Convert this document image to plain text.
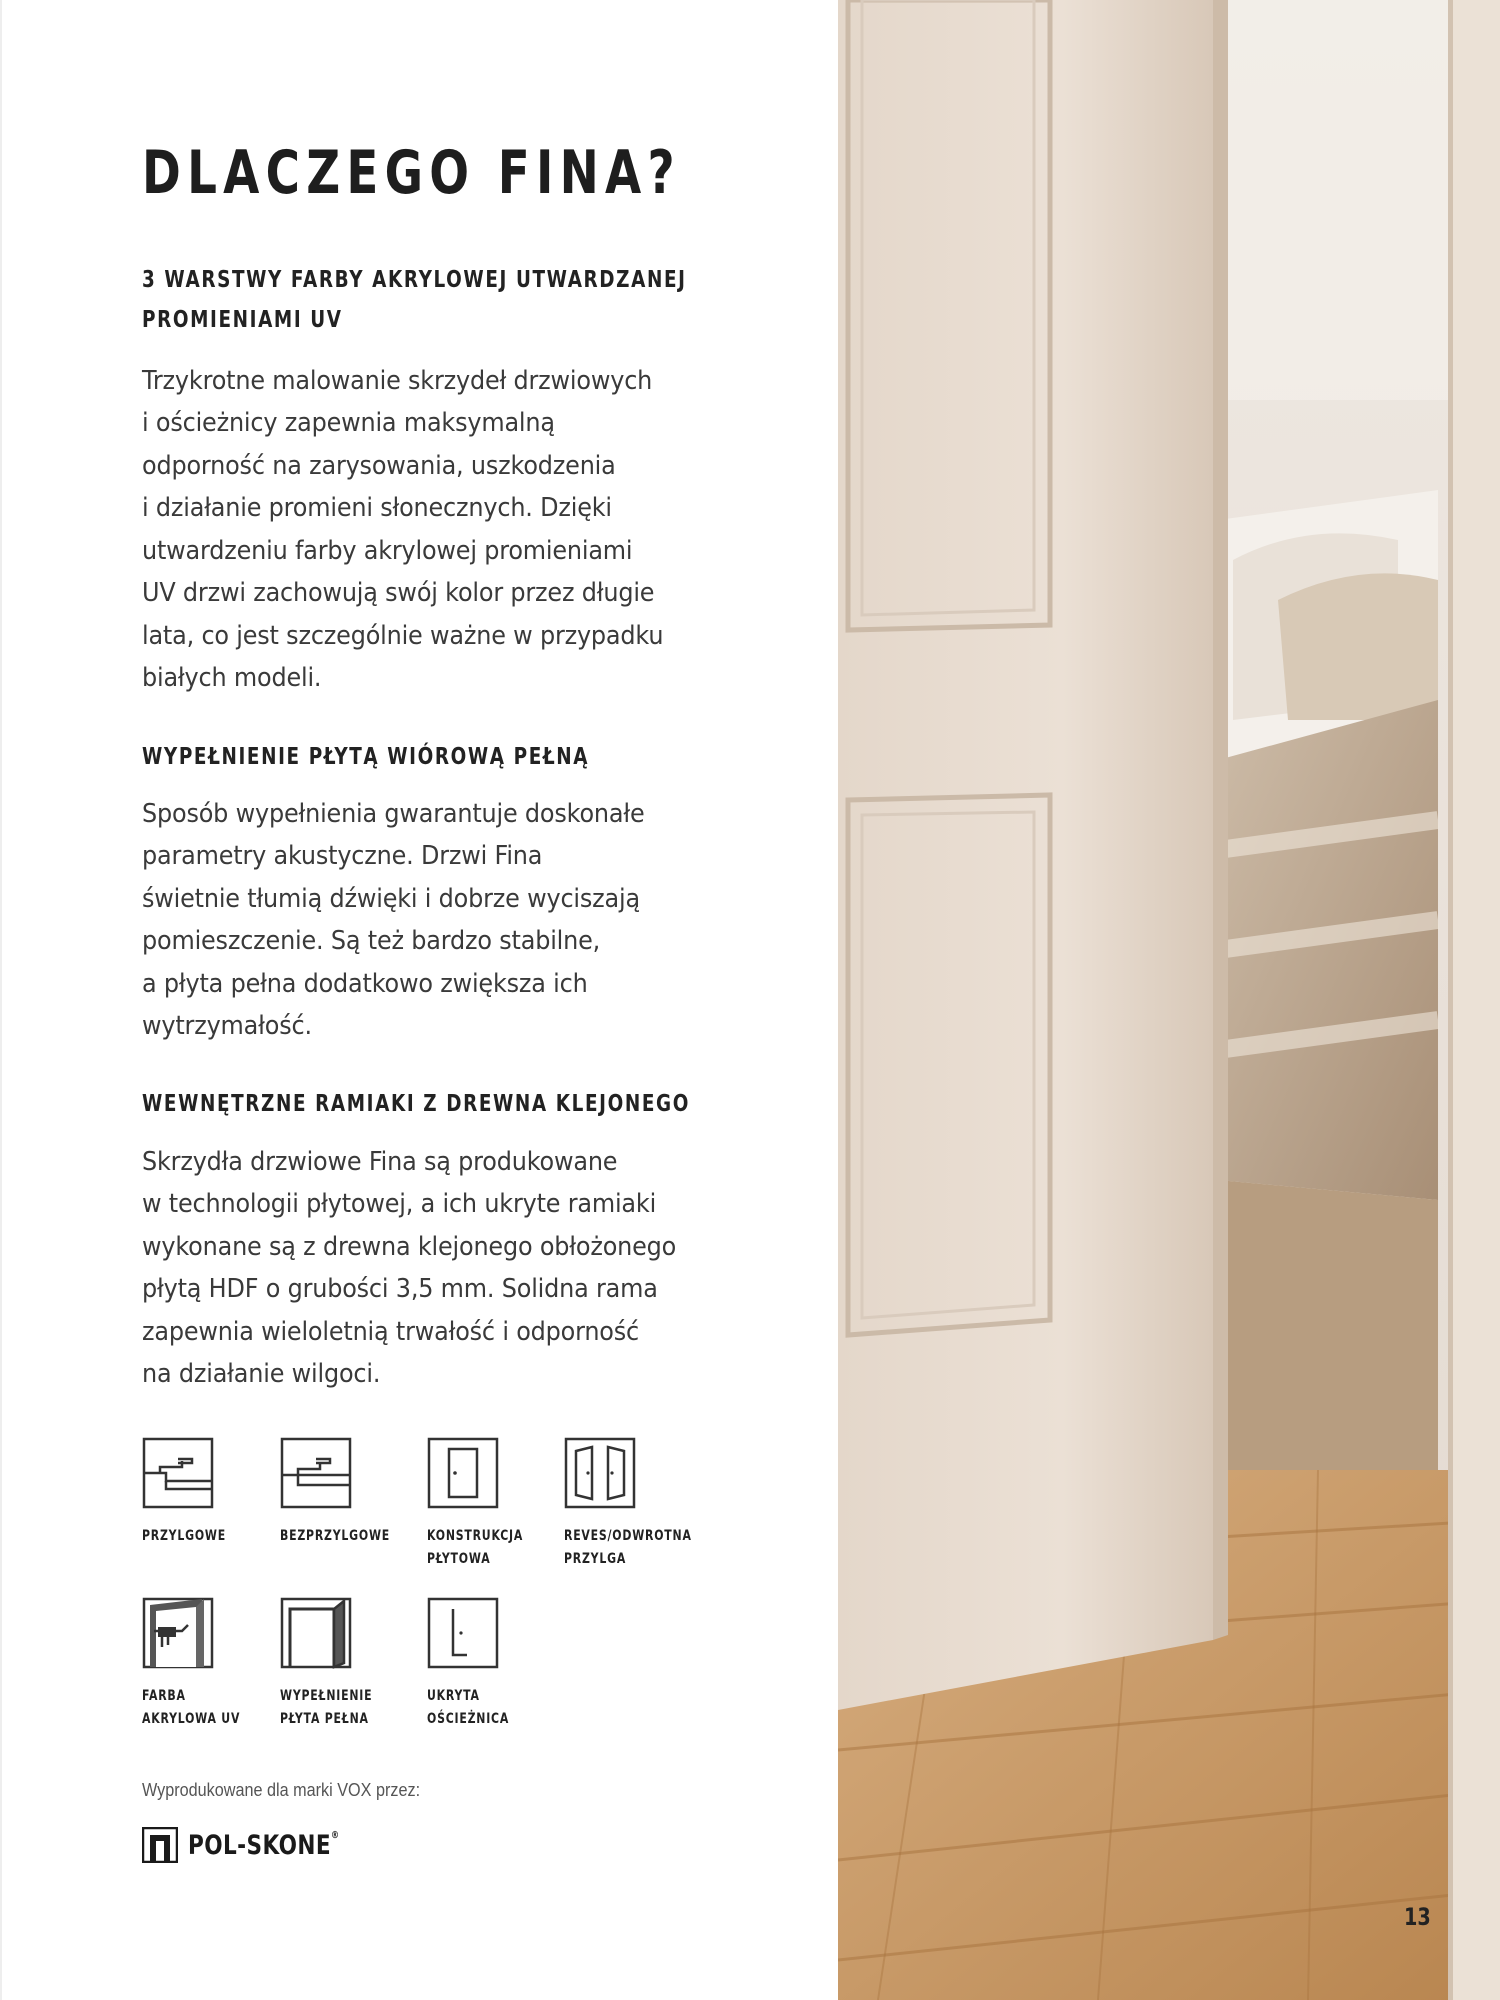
DLACZEGO FINA?

3 WARSTWY FARBY AKRYLOWEJ UTWARDZANEJ

PROMIENIAMI UV

Trzykrotne malowanie skrzydeł drzwiowych

i ościeżnicy zapewnia maksymalną

odporność na zarysowania, uszkodzenia

i działanie promieni słonecznych. Dzięki

utwardzeniu farby akrylowej promieniami

UV drzwi zachowują swój kolor przez długie

lata, co jest szczególnie ważne w przypadku

białych modeli.

WYPEŁNIENIE PŁYTĄ WIÓROWĄ PEŁNĄ

Sposób wypełnienia gwarantuje doskonałe

parametry akustyczne. Drzwi Fina

świetnie tłumią dźwięki i dobrze wyciszają

pomieszczenie. Są też bardzo stabilne,

a płyta pełna dodatkowo zwiększa ich

wytrzymałość.

WEWNĘTRZNE RAMIAKI Z DREWNA KLEJONEGO

Skrzydła drzwiowe Fina są produkowane

w technologii płytowej, a ich ukryte ramiaki

wykonane są z drewna klejonego obłożonego

płytą HDF o grubości 3,5 mm. Solidna rama

zapewnia wieloletnią trwałość i odporność

na działanie wilgoci.

PRZYLGOWE	BEZPRZYLGOWE	KONSTRUKCJA

PŁYTOWA

REVES/ODWROTNA

PRZYLGA

FARBA

AKRYLOWA UV

WYPEŁNIENIE

PŁYTA PEŁNA

UKRYTA

OŚCIEŻNICA

Wyprodukowane dla marki VOX przez:
POL-SKONE®
13
